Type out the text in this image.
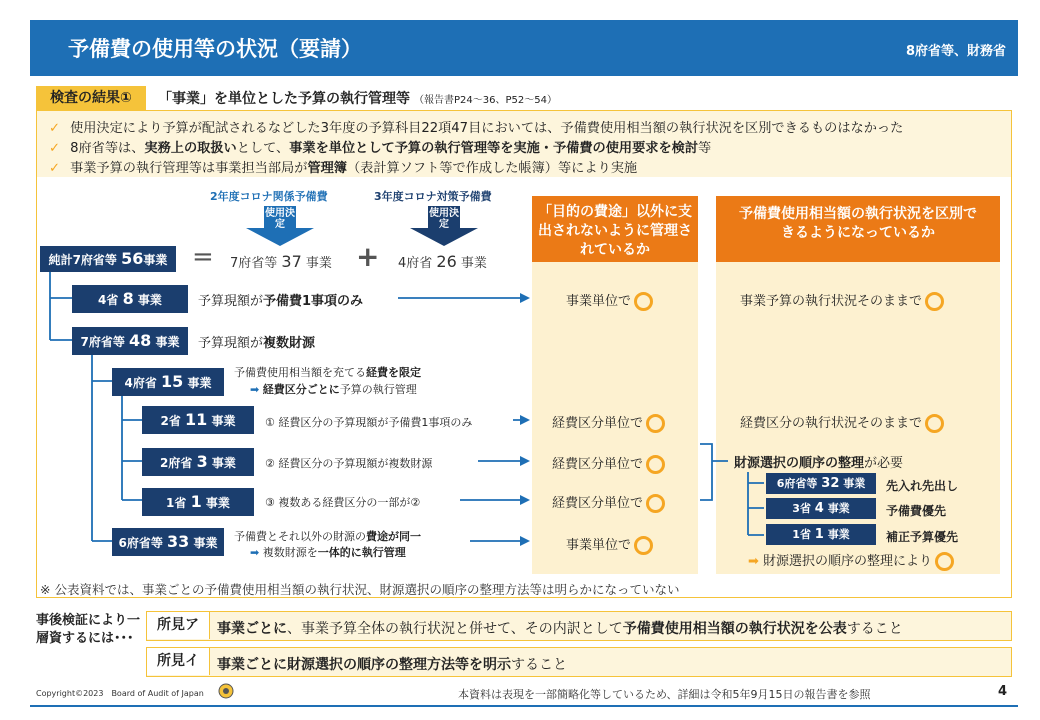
予備費の使用等の状況（要請）	8府省等、財務省
検査の結果①	「事業」を単位とした予算の執行管理等 （報告書P24～36、P52～54）
✓ 使用決定により予算が配試されるなどした3年度の予算科目22項47目においては、予備費使用相当額の執行状況を区別できるものはなかった
✓ 8府省等は、実務上の取扱いとして、事業を単位として予算の執行管理等を実施・予備費の使用要求を検討等
✓ 事業予算の執行管理等は事業担当部局が管理簿（表計算ソフト等で作成した帳簿）等により実施
「目的の費途」以外に支出されないように管理されているか
予備費使用相当額の執行状況を区別できるようになっているか
2年度コロナ関係予備費	3年度コロナ対策予備費
使用決定
使用決定
純計7府省等 56事業 = 7府省等 37 事業 + 4府省 26 事業
4省 8 事業	予算現額が予備費1事項のみ	事業単位で	事業予算の執行状況そのままで
7府省等 48 事業	予算現額が複数財源
4府省 15 事業
予備費使用相当額を充てる経費を限定
➡ 経費区分ごとに予算の執行管理
2省 11 事業	① 経費区分の予算現額が予備費1事項のみ	経費区分単位で	経費区分の執行状況そのままで
2府省 3 事業	② 経費区分の予算現額が複数財源	経費区分単位で
1省 1 事業	③ 複数ある経費区分の一部が②	経費区分単位で
6府省等 33 事業	予備費とそれ以外の財源の費途が同一
➡ 複数財源を一体的に執行管理	事業単位で
財源選択の順序の整理が必要
6府省等 32 事業	先入れ先出し
3省 4 事業	予備費優先
1省 1 事業	補正予算優先
➡ 財源選択の順序の整理により
※ 公表資料では、事業ごとの予備費使用相当額の執行状況、財源選択の順序の整理方法等は明らかになっていない
事後検証により一層資するには･･･
所見ア	事業ごとに、事業予算全体の執行状況と併せて、その内訳として予備費使用相当額の執行状況を公表すること
所見イ	事業ごとに財源選択の順序の整理方法等を明示すること
Copyright©2023　Board of Audit of Japan	本資料は表現を一部簡略化等しているため、詳細は令和5年9月15日の報告書を参照	4
